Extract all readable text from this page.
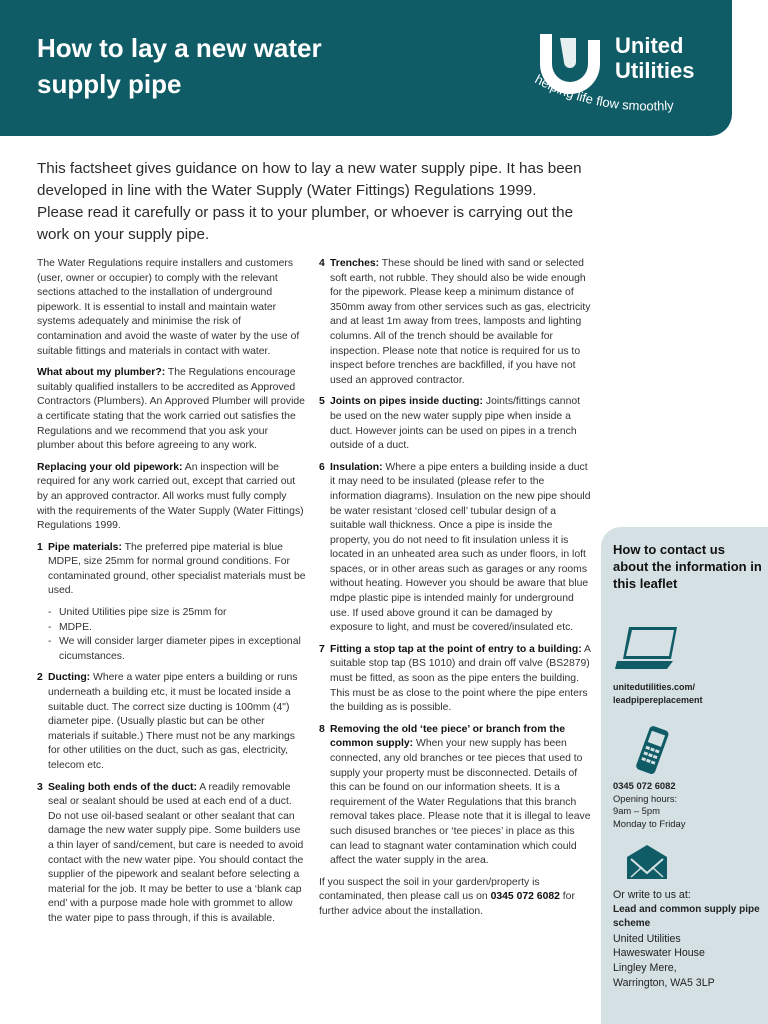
How to lay a new water
supply pipe
United
Utilities
helping life flow smoothly
This factsheet gives guidance on how to lay a new water supply pipe. It has been developed in line with the Water Supply (Water Fittings) Regulations 1999. Please read it carefully or pass it to your plumber, or whoever is carrying out the work on your supply pipe.

The Water Regulations require installers and customers (user, owner or occupier) to comply with the relevant sections attached to the installation of underground pipework. It is essential to install and maintain water systems adequately and minimise the risk of contamination and avoid the waste of water by the use of suitable fittings and materials in contact with water.

What about my plumber?: The Regulations encourage suitably qualified installers to be accredited as Approved Contractors (Plumbers). An Approved Plumber will provide a certificate stating that the work carried out satisfies the Regulations and we recommend that you ask your plumber about this before agreeing to any work.

Replacing your old pipework: An inspection will be required for any work carried out, except that carried out by an approved contractor. All works must fully comply with the requirements of the Water Supply (Water Fittings) Regulations 1999.

1 Pipe materials: The preferred pipe material is blue MDPE, size 25mm for normal ground conditions. For contaminated ground, other specialist materials must be used.
- United Utilities pipe size is 25mm for
- MDPE.
- We will consider larger diameter pipes in exceptional cicumstances.
2 Ducting: Where a water pipe enters a building or runs underneath a building etc, it must be located inside a suitable duct. The correct size ducting is 100mm (4") diameter pipe. (Usually plastic but can be other materials if suitable.) There must not be any markings for other utilities on the duct, such as gas, electricity, telecom etc.
3 Sealing both ends of the duct: A readily removable seal or sealant should be used at each end of a duct. Do not use oil-based sealant or other sealant that can damage the new water supply pipe. Some builders use a thin layer of sand/cement, but care is needed to avoid contact with the new water pipe. You should contact the supplier of the pipework and sealant before selecting a material for the job. It may be better to use a ‘blank cap end’ with a purpose made hole with grommet to allow the water pipe to pass through, if this is available.
4 Trenches: These should be lined with sand or selected soft earth, not rubble. They should also be wide enough for the pipework. Please keep a minimum distance of 350mm away from other services such as gas, electricity and at least 1m away from trees, lamposts and lighting columns. All of the trench should be available for inspection. Please note that notice is required for us to inspect before trenches are backfilled, if you have not used an approved contractor.
5 Joints on pipes inside ducting: Joints/fittings cannot be used on the new water supply pipe when inside a duct. However joints can be used on pipes in a trench outside of a duct.
6 Insulation: Where a pipe enters a building inside a duct it may need to be insulated (please refer to the information diagrams). Insulation on the new pipe should be water resistant ‘closed cell’ tubular design of a suitable wall thickness. Once a pipe is inside the property, you do not need to fit insulation unless it is located in an unheated area such as under floors, in loft spaces, or in other areas such as garages or any rooms without heating. However you should be aware that blue mdpe plastic pipe is intended mainly for underground use. If used above ground it can be damaged by exposure to light, and must be covered/insulated etc.
7 Fitting a stop tap at the point of entry to a building: A suitable stop tap (BS 1010) and drain off valve (BS2879) must be fitted, as soon as the pipe enters the building. This must be as close to the point where the pipe enters the building as is possible.
8 Removing the old ‘tee piece’ or branch from the common supply: When your new supply has been connected, any old branches or tee pieces that used to supply your property must be disconnected. Details of this can be found on our information sheets. It is a requirement of the Water Regulations that this branch removal takes place. Please note that it is illegal to leave such disused branches or ‘tee pieces’ in place as this can lead to stagnant water contamination which could affect the water supply in the area.

If you suspect the soil in your garden/property is contaminated, then please call us on 0345 072 6082 for further advice about the installation.

How to contact us about the information in this leaflet
unitedutilities.com/ leadpipereplacement
0345 072 6082
Opening hours:
9am – 5pm
Monday to Friday
Or write to us at:
Lead and common supply pipe scheme
United Utilities
Haweswater House
Lingley Mere,
Warrington, WA5 3LP
